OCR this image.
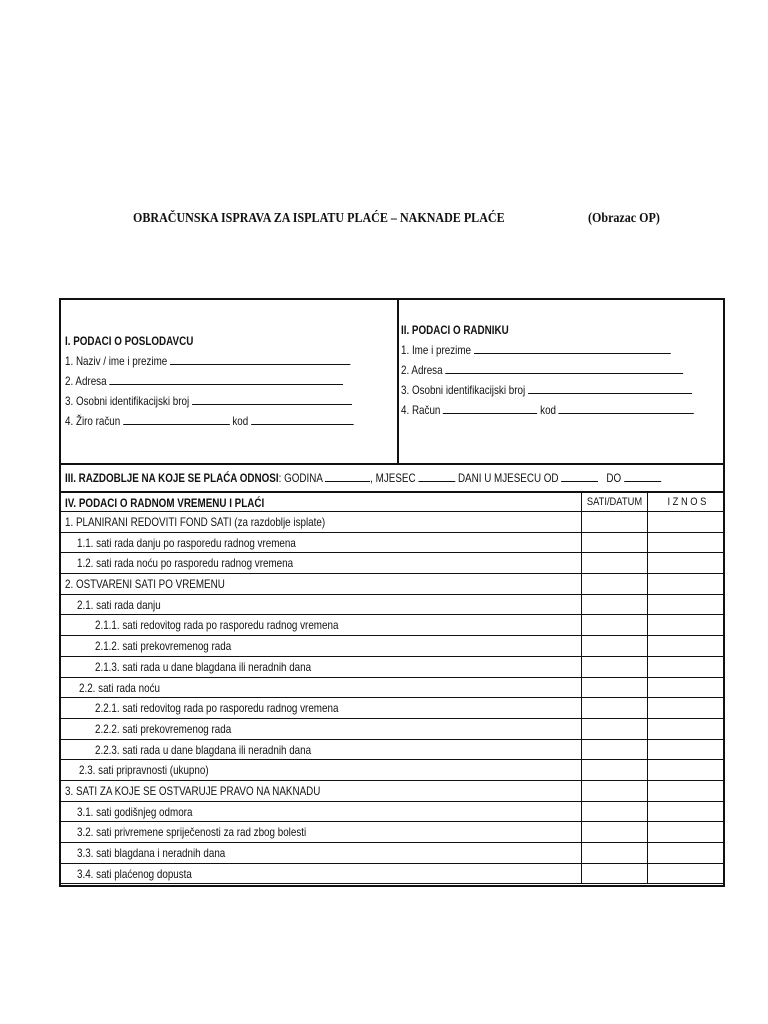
OBRAČUNSKA ISPRAVA ZA ISPLATU PLAĆE – NAKNADE PLAĆE	(Obrazac OP)
I. PODACI O POSLODAVCU
1. Naziv / ime i prezime
2. Adresa
3. Osobni identifikacijski broj
4. Žiro račun	kod
II. PODACI O RADNIKU
1. Ime i prezime
2. Adresa
3. Osobni identifikacijski broj
4. Račun	kod
III. RAZDOBLJE NA KOJE SE PLAĆA ODNOSI: GODINA	, MJESEC	DANI U MJESECU OD	DO
IV. PODACI O RADNOM VREMENU I PLAĆI	SATI/DATUM	I Z N O S
1. PLANIRANI REDOVITI FOND SATI (za razdoblje isplate)
1.1. sati rada danju po rasporedu radnog vremena
1.2. sati rada noću po rasporedu radnog vremena
2. OSTVARENI SATI PO VREMENU
2.1. sati rada danju
2.1.1. sati redovitog rada po rasporedu radnog vremena
2.1.2. sati prekovremenog rada
2.1.3. sati rada u dane blagdana ili neradnih dana
2.2. sati rada noću
2.2.1. sati redovitog rada po rasporedu radnog vremena
2.2.2. sati prekovremenog rada
2.2.3. sati rada u dane blagdana ili neradnih dana
2.3. sati pripravnosti (ukupno)
3. SATI ZA KOJE SE OSTVARUJE PRAVO NA NAKNADU
3.1. sati godišnjeg odmora
3.2. sati privremene spriječenosti za rad zbog bolesti
3.3. sati blagdana i neradnih dana
3.4. sati plaćenog dopusta
